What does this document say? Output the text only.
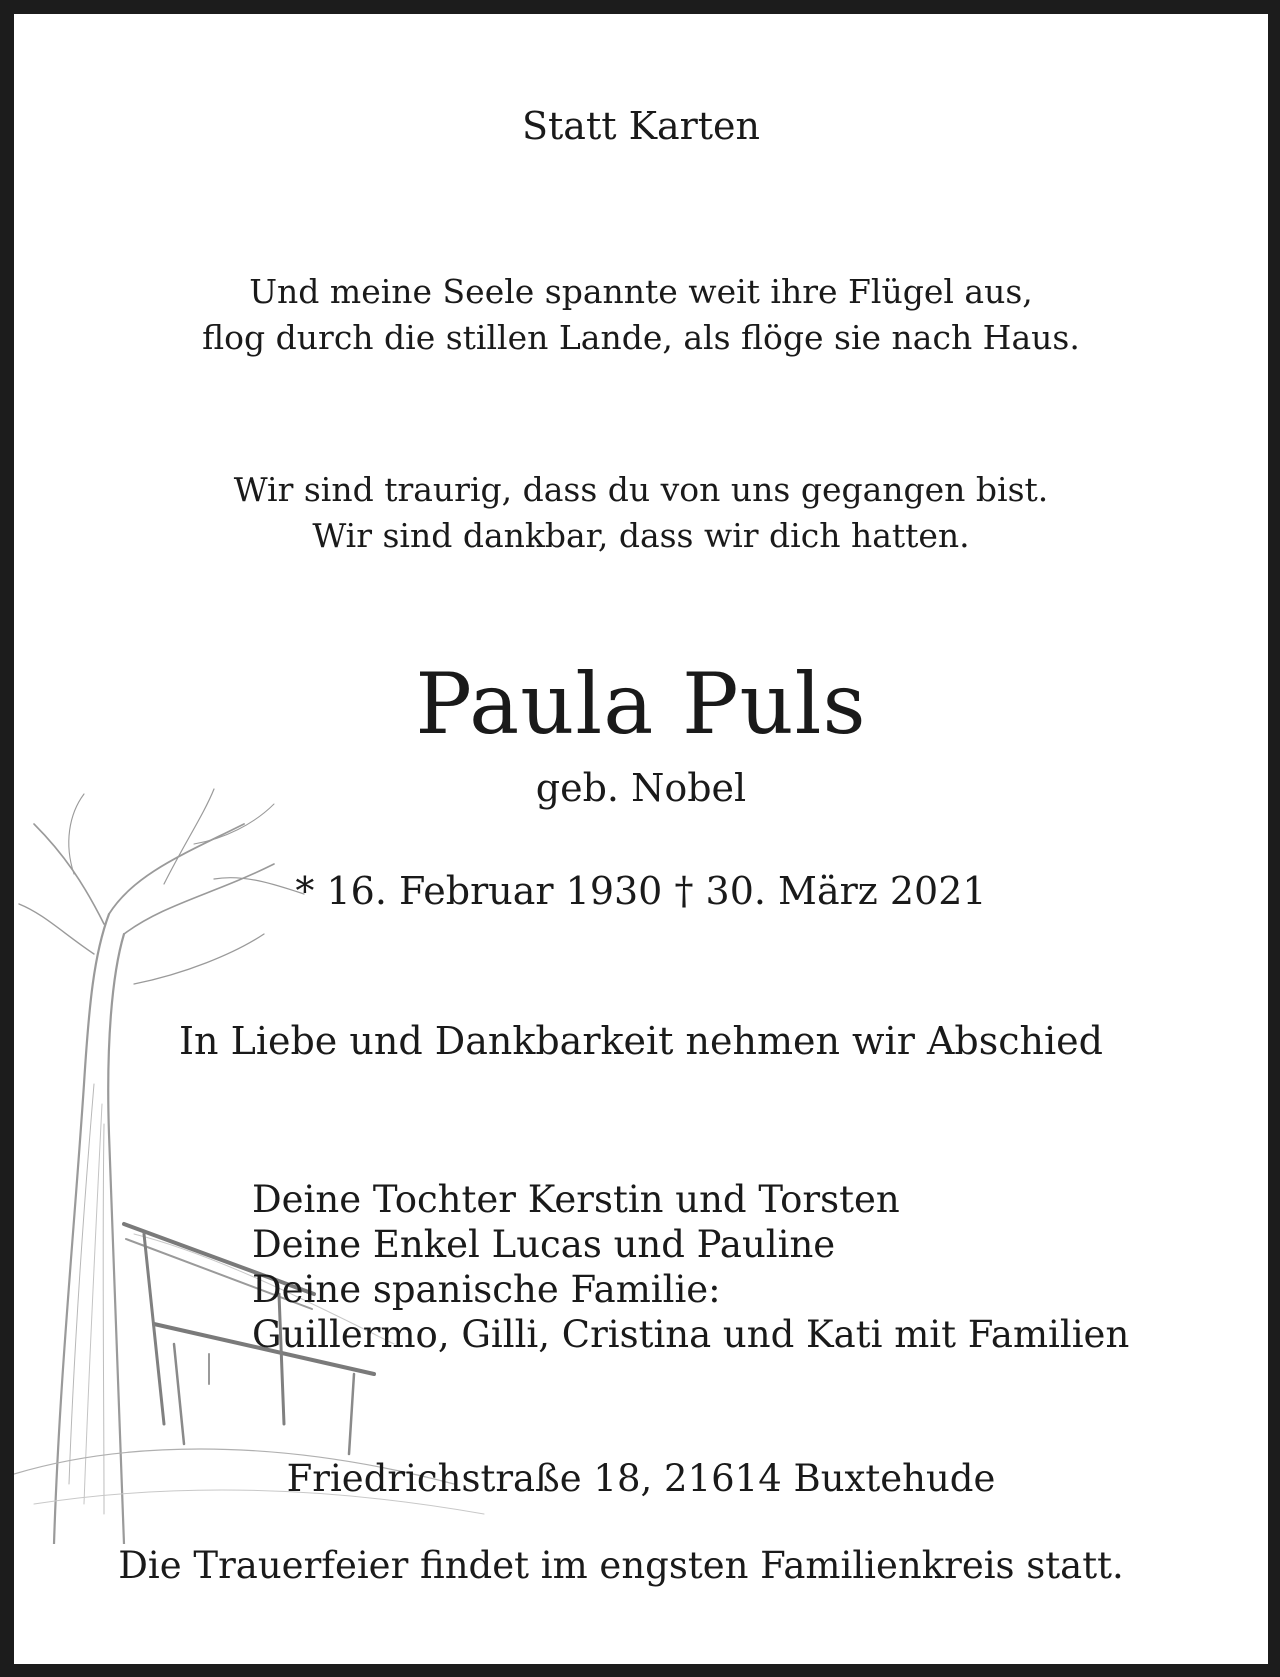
Statt Karten
Und meine Seele spannte weit ihre Flügel aus,
flog durch die stillen Lande, als flöge sie nach Haus.
Wir sind traurig, dass du von uns gegangen bist.
Wir sind dankbar, dass wir dich hatten.
Paula Puls
geb. Nobel
* 16. Februar 1930 † 30. März 2021
In Liebe und Dankbarkeit nehmen wir Abschied
Deine Tochter Kerstin und Torsten
Deine Enkel Lucas und Pauline
Deine spanische Familie:
Guillermo, Gilli, Cristina und Kati mit Familien
Friedrichstraße 18, 21614 Buxtehude
Die Trauerfeier findet im engsten Familienkreis statt.
